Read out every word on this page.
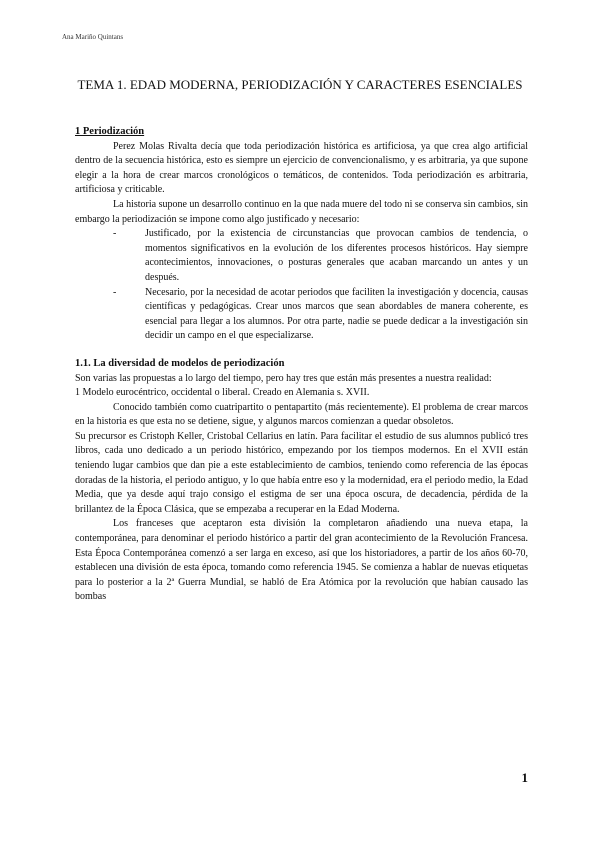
Ana Mariño Quintans
TEMA 1. EDAD MODERNA, PERIODIZACIÓN Y CARACTERES ESENCIALES

1 Periodización

Perez Molas Rivalta decía que toda periodización histórica es artificiosa, ya que crea algo artificial dentro de la secuencia histórica, esto es siempre un ejercicio de convencionalismo, y es arbitraria, ya que supone elegir a la hora de crear marcos cronológicos o temáticos, de contenidos. Toda periodización es arbitraria, artificiosa y criticable.

La historia supone un desarrollo continuo en la que nada muere del todo ni se conserva sin cambios, sin embargo la periodización se impone como algo justificado y necesario:

-	Justificado, por la existencia de circunstancias que provocan cambios de tendencia, o momentos significativos en la evolución de los diferentes procesos históricos. Hay siempre acontecimientos, innovaciones, o posturas generales que acaban marcando un antes y un después.
-	Necesario, por la necesidad de acotar periodos que faciliten la investigación y docencia, causas científicas y pedagógicas. Crear unos marcos que sean abordables de manera coherente, es esencial para llegar a los alumnos. Por otra parte, nadie se puede dedicar a la investigación sin decidir un campo en el que especializarse.

1.1. La diversidad de modelos de periodización

Son varias las propuestas a lo largo del tiempo, pero hay tres que están más presentes a nuestra realidad:

1 Modelo eurocéntrico, occidental o liberal. Creado en Alemania s. XVII.

Conocido también como cuatripartito o pentapartito (más recientemente). El problema de crear marcos en la historia es que esta no se detiene, sigue, y algunos marcos comienzan a quedar obsoletos.

Su precursor es Cristoph Keller, Cristobal Cellarius en latín. Para facilitar el estudio de sus alumnos publicó tres libros, cada uno dedicado a un periodo histórico, empezando por los tiempos modernos. En el XVII están teniendo lugar cambios que dan pie a este establecimiento de cambios, teniendo como referencia de las épocas doradas de la historia, el periodo antiguo, y lo que había entre eso y la modernidad, era el periodo medio, la Edad Media, que ya desde aquí trajo consigo el estigma de ser una época oscura, de decadencia, pérdida de la brillantez de la Época Clásica, que se empezaba a recuperar en la Edad Moderna.

Los franceses que aceptaron esta división la completaron añadiendo una nueva etapa, la contemporánea, para denominar el periodo histórico a partir del gran acontecimiento de la Revolución Francesa. Esta Época Contemporánea comenzó a ser larga en exceso, así que los historiadores, a partir de los años 60-70, establecen una división de esta época, tomando como referencia 1945. Se comienza a hablar de nuevas etiquetas para lo posterior a la 2ª Guerra Mundial, se habló de Era Atómica por la revolución que habían causado las bombas

1
